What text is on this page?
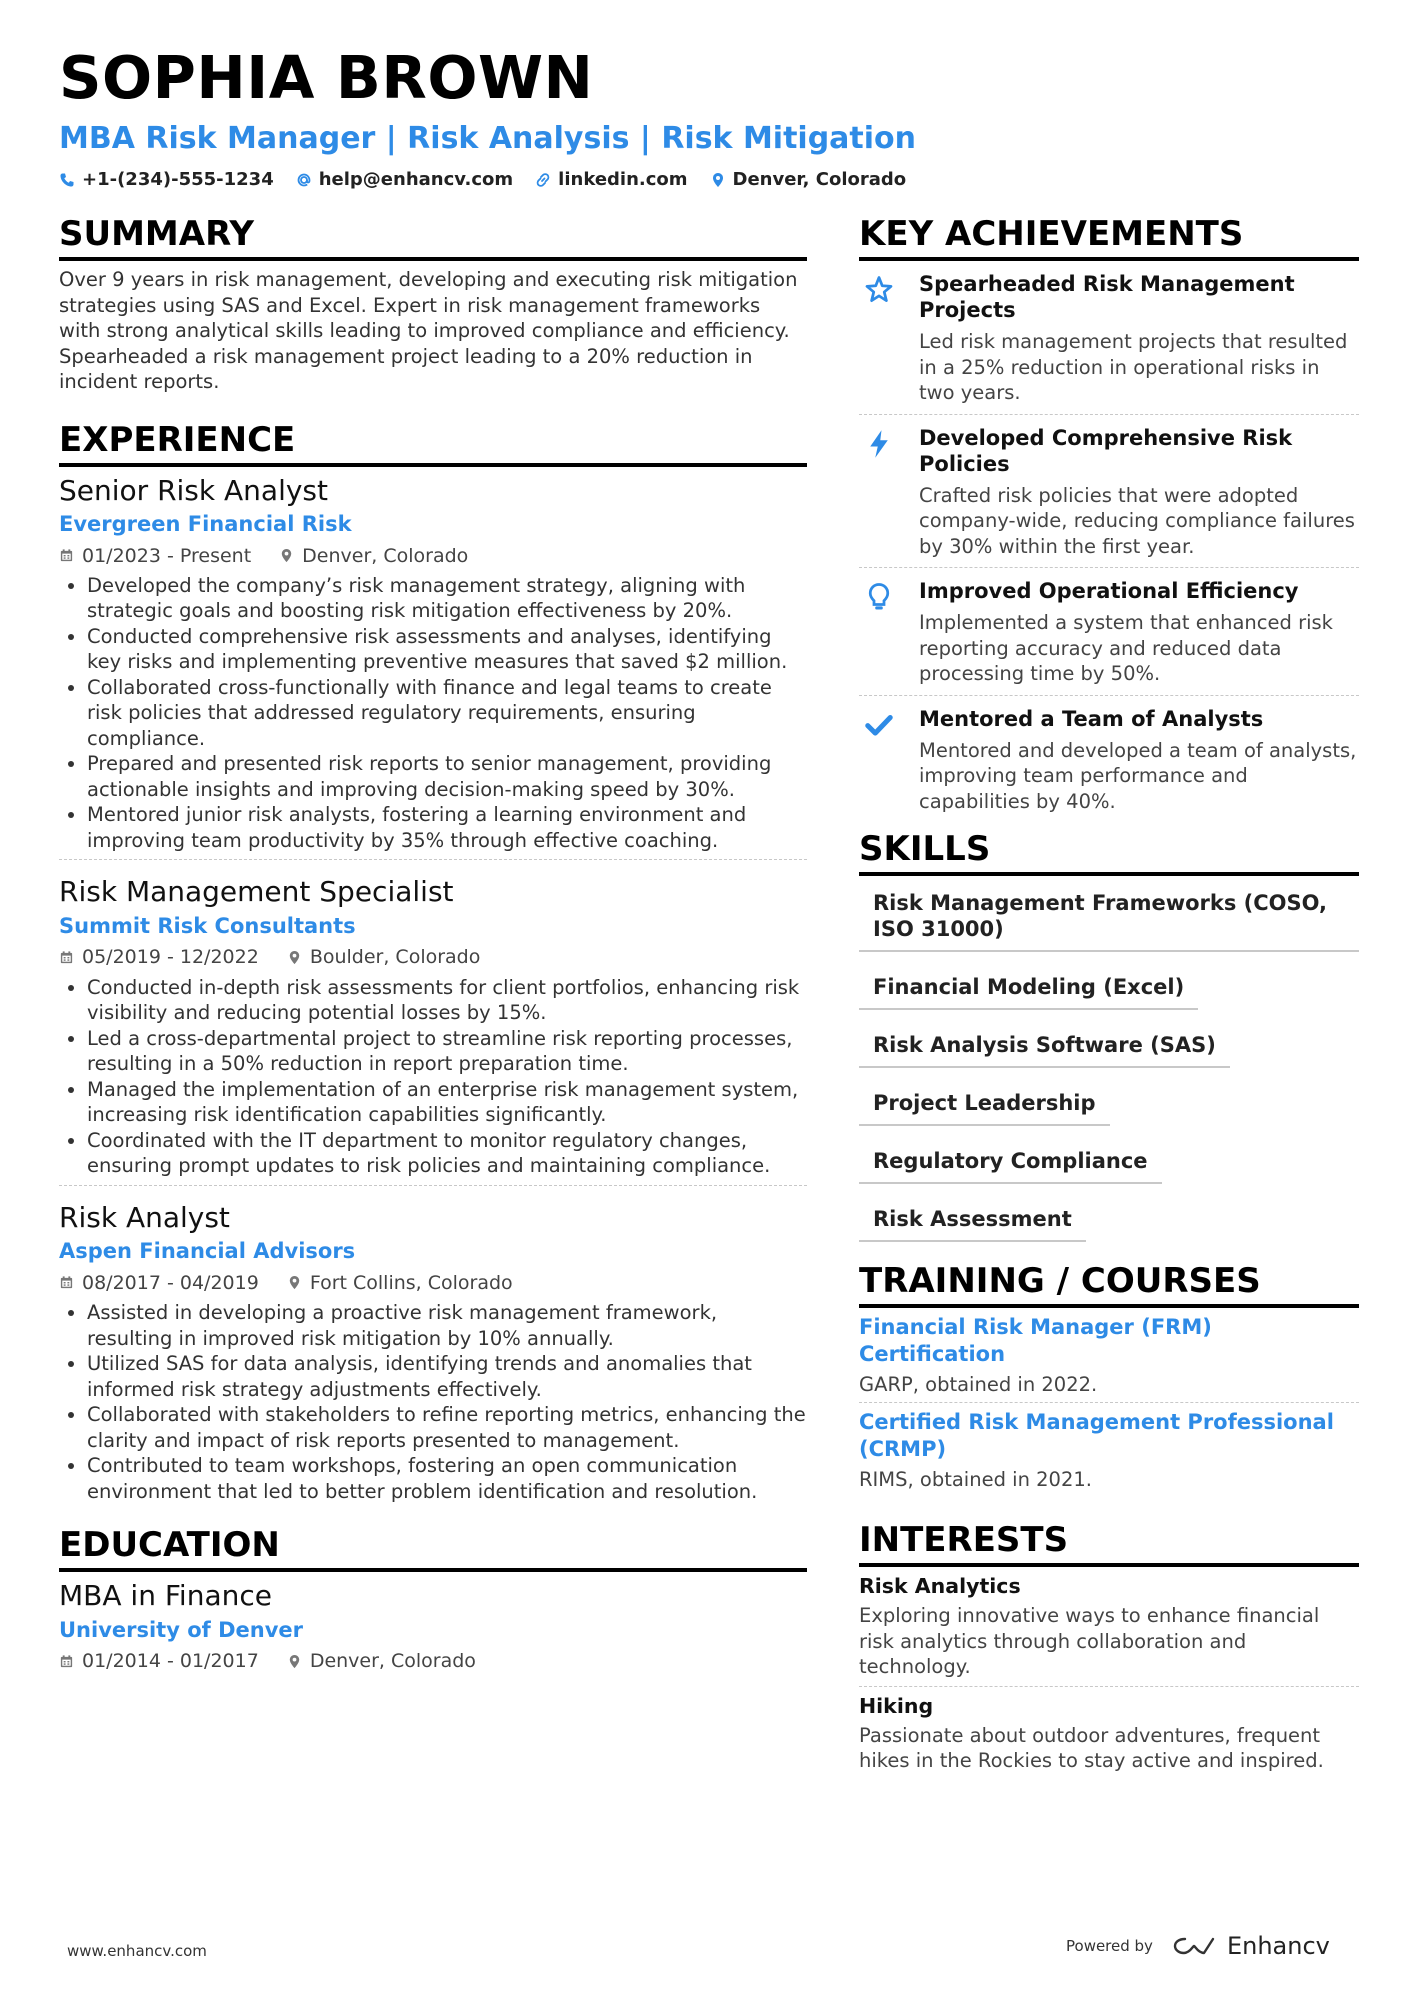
SOPHIA BROWN
MBA Risk Manager | Risk Analysis | Risk Mitigation
+1-(234)-555-1234	help@enhancv.com	linkedin.com	Denver, Colorado
SUMMARY
Over 9 years in risk management, developing and executing risk mitigation strategies using SAS and Excel. Expert in risk management frameworks with strong analytical skills leading to improved compliance and efficiency. Spearheaded a risk management project leading to a 20% reduction in incident reports.
EXPERIENCE
Senior Risk Analyst
Evergreen Financial Risk
01/2023 - Present	Denver, Colorado
• Developed the company’s risk management strategy, aligning with strategic goals and boosting risk mitigation effectiveness by 20%.
• Conducted comprehensive risk assessments and analyses, identifying key risks and implementing preventive measures that saved $2 million.
• Collaborated cross-functionally with finance and legal teams to create risk policies that addressed regulatory requirements, ensuring compliance.
• Prepared and presented risk reports to senior management, providing actionable insights and improving decision-making speed by 30%.
• Mentored junior risk analysts, fostering a learning environment and improving team productivity by 35% through effective coaching.
Risk Management Specialist
Summit Risk Consultants
05/2019 - 12/2022	Boulder, Colorado
• Conducted in-depth risk assessments for client portfolios, enhancing risk visibility and reducing potential losses by 15%.
• Led a cross-departmental project to streamline risk reporting processes, resulting in a 50% reduction in report preparation time.
• Managed the implementation of an enterprise risk management system, increasing risk identification capabilities significantly.
• Coordinated with the IT department to monitor regulatory changes, ensuring prompt updates to risk policies and maintaining compliance.
Risk Analyst
Aspen Financial Advisors
08/2017 - 04/2019	Fort Collins, Colorado
• Assisted in developing a proactive risk management framework, resulting in improved risk mitigation by 10% annually.
• Utilized SAS for data analysis, identifying trends and anomalies that informed risk strategy adjustments effectively.
• Collaborated with stakeholders to refine reporting metrics, enhancing the clarity and impact of risk reports presented to management.
• Contributed to team workshops, fostering an open communication environment that led to better problem identification and resolution.
EDUCATION
MBA in Finance
University of Denver
01/2014 - 01/2017	Denver, Colorado
KEY ACHIEVEMENTS
Spearheaded Risk Management Projects
Led risk management projects that resulted in a 25% reduction in operational risks in two years.
Developed Comprehensive Risk Policies
Crafted risk policies that were adopted company-wide, reducing compliance failures by 30% within the first year.
Improved Operational Efficiency
Implemented a system that enhanced risk reporting accuracy and reduced data processing time by 50%.
Mentored a Team of Analysts
Mentored and developed a team of analysts, improving team performance and capabilities by 40%.
SKILLS
Risk Management Frameworks (COSO, ISO 31000)
Financial Modeling (Excel)
Risk Analysis Software (SAS)
Project Leadership
Regulatory Compliance
Risk Assessment
TRAINING / COURSES
Financial Risk Manager (FRM) Certification
GARP, obtained in 2022.
Certified Risk Management Professional (CRMP)
RIMS, obtained in 2021.
INTERESTS
Risk Analytics
Exploring innovative ways to enhance financial risk analytics through collaboration and technology.
Hiking
Passionate about outdoor adventures, frequent hikes in the Rockies to stay active and inspired.
www.enhancv.com	Powered by	Enhancv
